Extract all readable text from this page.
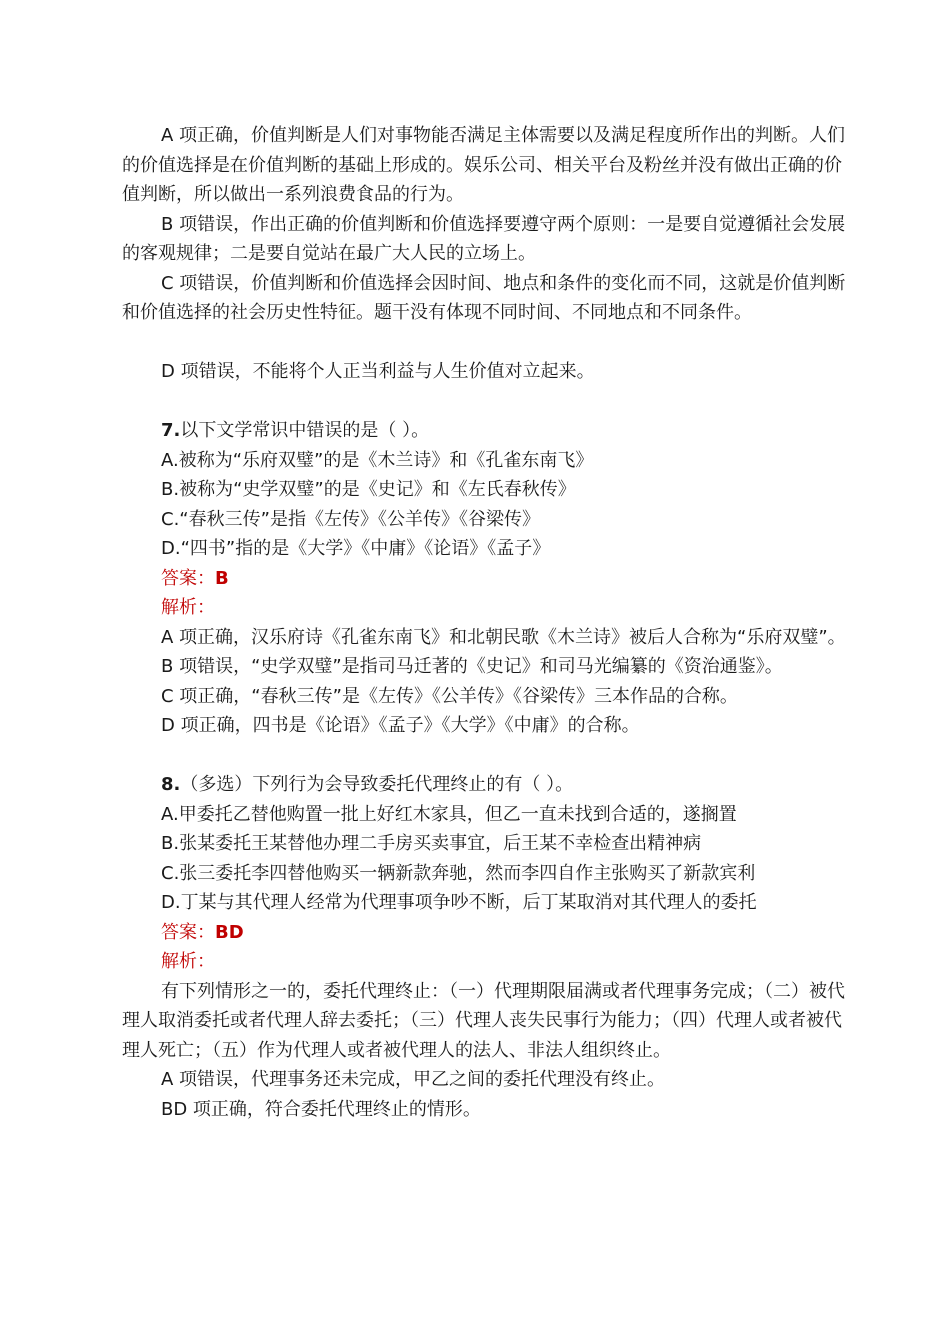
A 项正确，价值判断是人们对事物能否满足主体需要以及满足程度所作出的判断。人们的价值选择是在价值判断的基础上形成的。娱乐公司、相关平台及粉丝并没有做出正确的价值判断，所以做出一系列浪费食品的行为。

B 项错误，作出正确的价值判断和价值选择要遵守两个原则：一是要自觉遵循社会发展的客观规律；二是要自觉站在最广大人民的立场上。

C 项错误，价值判断和价值选择会因时间、地点和条件的变化而不同，这就是价值判断和价值选择的社会历史性特征。题干没有体现不同时间、不同地点和不同条件。

D 项错误，不能将个人正当利益与人生价值对立起来。

7.以下文学常识中错误的是（ ）。

A.被称为“乐府双璧”的是《木兰诗》和《孔雀东南飞》

B.被称为“史学双璧”的是《史记》和《左氏春秋传》

C.“春秋三传”是指《左传》《公羊传》《谷梁传》

D.“四书”指的是《大学》《中庸》《论语》《孟子》

答案：B

解析：

A 项正确，汉乐府诗《孔雀东南飞》和北朝民歌《木兰诗》被后人合称为“乐府双璧”。

B 项错误，“史学双璧”是指司马迁著的《史记》和司马光编纂的《资治通鉴》。

C 项正确，“春秋三传”是《左传》《公羊传》《谷梁传》三本作品的合称。

D 项正确，四书是《论语》《孟子》《大学》《中庸》的合称。

8.（多选）下列行为会导致委托代理终止的有（ ）。

A.甲委托乙替他购置一批上好红木家具，但乙一直未找到合适的，遂搁置

B.张某委托王某替他办理二手房买卖事宜，后王某不幸检查出精神病

C.张三委托李四替他购买一辆新款奔驰，然而李四自作主张购买了新款宾利

D.丁某与其代理人经常为代理事项争吵不断，后丁某取消对其代理人的委托

答案：BD

解析：

有下列情形之一的，委托代理终止：（一）代理期限届满或者代理事务完成；（二）被代理人取消委托或者代理人辞去委托；（三）代理人丧失民事行为能力；（四）代理人或者被代理人死亡；（五）作为代理人或者被代理人的法人、非法人组织终止。

A 项错误，代理事务还未完成，甲乙之间的委托代理没有终止。

BD 项正确，符合委托代理终止的情形。
